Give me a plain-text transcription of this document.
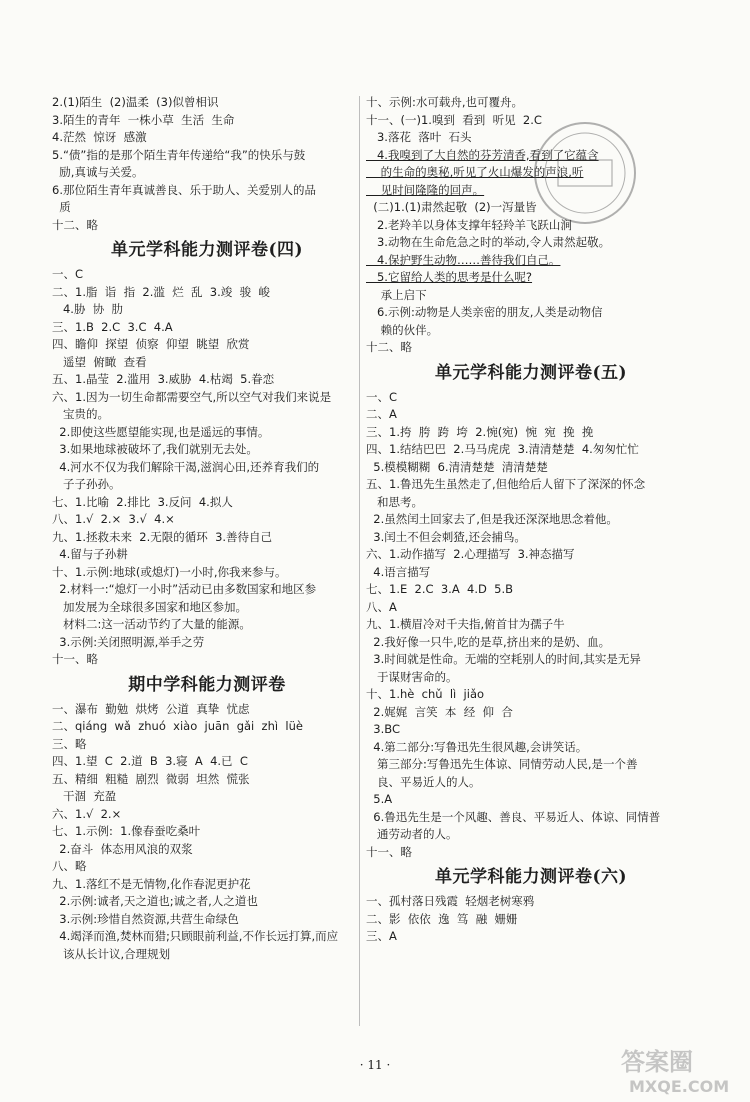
2.(1)陌生  (2)温柔  (3)似曾相识
3.陌生的青年  一株小草  生活  生命
4.茫然  惊讶  感激
5.“债”指的是那个陌生青年传递给“我”的快乐与鼓
励,真诚与关爱。
6.那位陌生青年真诚善良、乐于助人、关爱别人的品
质
十二、略
单元学科能力测评卷(四)
一、C
二、1.脂  诣  指  2.滥  烂  乱  3.竣  骏  峻
4.胁  协  肋
三、1.B  2.C  3.C  4.A
四、瞻仰  探望  侦察  仰望  眺望  欣赏
遥望  俯瞰  查看
五、1.晶莹  2.滥用  3.威胁  4.枯竭  5.眷恋
六、1.因为一切生命都需要空气,所以空气对我们来说是
宝贵的。
2.即使这些愿望能实现,也是遥远的事情。
3.如果地球被破坏了,我们就别无去处。
4.河水不仅为我们解除干渴,滋润心田,还养育我们的
子子孙孙。
七、1.比喻  2.排比  3.反问  4.拟人
八、1.√  2.×  3.√  4.×
九、1.拯救未来  2.无限的循环  3.善待自己
4.留与子孙耕
十、1.示例:地球(或熄灯)一小时,你我来参与。
2.材料一:“熄灯一小时”活动已由多数国家和地区参
加发展为全球很多国家和地区参加。
材料二:这一活动节约了大量的能源。
3.示例:关闭照明源,举手之劳
十一、略
期中学科能力测评卷
一、瀑布  勤勉  烘烤  公道  真挚  忧虑
二、qiáng  wǎ  zhuó  xiào  juān  gǎi  zhì  lüè
三、略
四、1.望  C  2.道  B  3.寝  A  4.已  C
五、精细  粗糙  剧烈  微弱  坦然  慌张
干涸  充盈
六、1.√  2.×
七、1.示例:  1.像春蚕吃桑叶
2.奋斗  体态用风浪的双浆
八、略
九、1.落红不是无情物,化作春泥更护花
2.示例:诚者,天之道也;诚之者,人之道也
3.示例:珍惜自然资源,共营生命绿色
4.竭泽而渔,焚林而猎;只顾眼前利益,不作长远打算,而应
该从长计议,合理规划
十、示例:水可载舟,也可覆舟。
十一、(一)1.嗅到  看到  听见  2.C
3.落花  落叶  石头
4.我嗅到了大自然的芬芳清香,看到了它蕴含
的生命的奥秘,听见了火山爆发的声浪,听
见时间隆隆的回声。
(二)1.(1)肃然起敬  (2)一泻量皆
2.老羚羊以身体支撑年轻羚羊飞跃山涧
3.动物在生命危急之时的举动,令人肃然起敬。
4.保护野生动物……善待我们自己。
5.它留给人类的思考是什么呢?
承上启下
6.示例:动物是人类亲密的朋友,人类是动物信
赖的伙伴。
十二、略
单元学科能力测评卷(五)
一、C
二、A
三、1.挎  胯  跨  垮  2.惋(宛)  惋  宛  挽  挽
四、1.结结巴巴  2.马马虎虎  3.清清楚楚  4.匆匆忙忙
5.模模糊糊  6.清清楚楚  清清楚楚
五、1.鲁迅先生虽然走了,但他给后人留下了深深的怀念
和思考。
2.虽然闰土回家去了,但是我还深深地思念着他。
3.闰土不但会刺猹,还会捕鸟。
六、1.动作描写  2.心理描写  3.神态描写
4.语言描写
七、1.E  2.C  3.A  4.D  5.B
八、A
九、1.横眉冷对千夫指,俯首甘为孺子牛
2.我好像一只牛,吃的是草,挤出来的是奶、血。
3.时间就是性命。无端的空耗别人的时间,其实是无异
于谋财害命的。
十、1.hè  chǔ  lì  jiǎo
2.娓娓  言笑  本  经  仰  合
3.BC
4.第二部分:写鲁迅先生很风趣,会讲笑话。
第三部分:写鲁迅先生体谅、同情劳动人民,是一个善
良、平易近人的人。
5.A
6.鲁迅先生是一个风趣、善良、平易近人、体谅、同情普
通劳动者的人。
十一、略
单元学科能力测评卷(六)
一、孤村落日残霞  轻烟老树寒鸦
二、影  依依  逸  笃  融  姗姗
三、A
· 11 ·	答案圈
MXQE.COM
